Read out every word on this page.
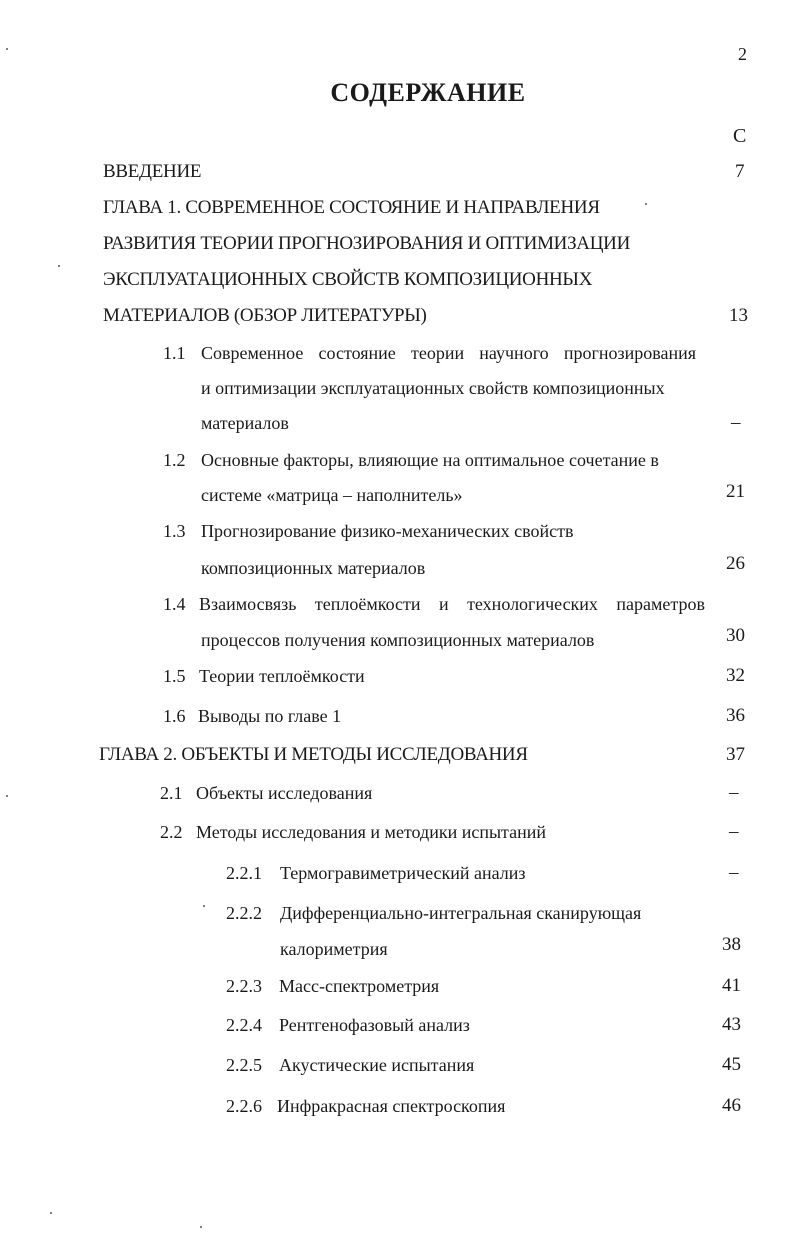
2
СОДЕРЖАНИЕ
С
ВВЕДЕНИЕ	7
ГЛАВА 1. СОВРЕМЕННОЕ СОСТОЯНИЕ И НАПРАВЛЕНИЯ
РАЗВИТИЯ ТЕОРИИ ПРОГНОЗИРОВАНИЯ И ОПТИМИЗАЦИИ
ЭКСПЛУАТАЦИОННЫХ СВОЙСТВ КОМПОЗИЦИОННЫХ
МАТЕРИАЛОВ (ОБЗОР ЛИТЕРАТУРЫ)	13
1.1 Современное состояние теории научного прогнозирования
и оптимизации эксплуатационных свойств композиционных
материалов	–
1.2 Основные факторы, влияющие на оптимальное сочетание в
системе «матрица – наполнитель»	21
1.3 Прогнозирование физико-механических свойств
композиционных материалов	26
1.4 Взаимосвязь теплоёмкости и технологических параметров
процессов получения композиционных материалов	30
1.5 Теории теплоёмкости	32
1.6 Выводы по главе 1	36
ГЛАВА 2. ОБЪЕКТЫ И МЕТОДЫ ИССЛЕДОВАНИЯ	37
2.1 Объекты исследования	–
2.2 Методы исследования и методики испытаний	–
2.2.1 Термогравиметрический анализ	–
2.2.2 Дифференциально-интегральная сканирующая
калориметрия	38
2.2.3 Масс-спектрометрия	41
2.2.4 Рентгенофазовый анализ	43
2.2.5 Акустические испытания	45
2.2.6 Инфракрасная спектроскопия	46
